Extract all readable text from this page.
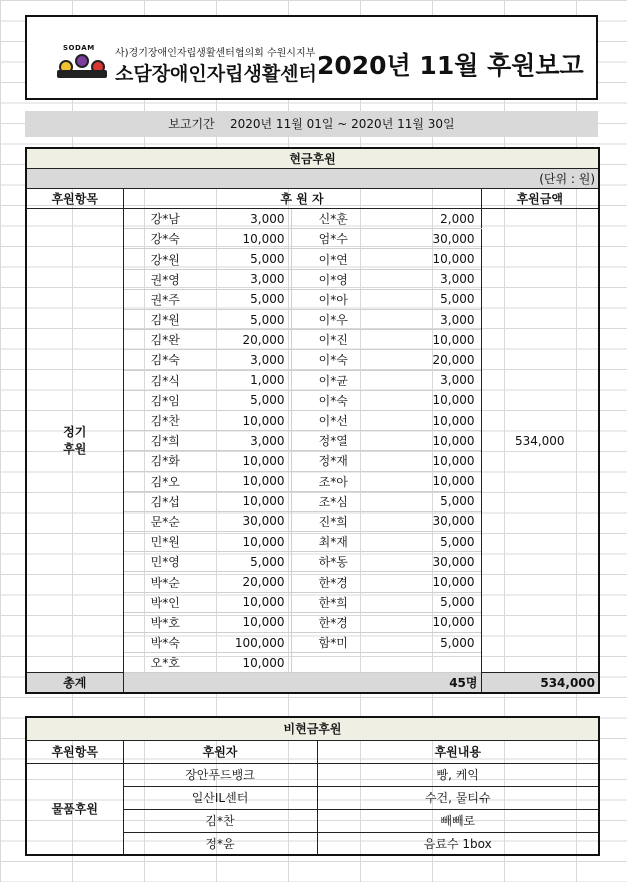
SODAM 사)경기장애인자립생활센터협의회 수원시지부
소담장애인자립생활센터 2020년 11월 후원보고
보고기간    2020년 11월 01일 ~ 2020년 11월 30일
현금후원					
(단위 : 원)					
후원항목	후 원 자				후원금액
정기
후원	강*남	3,000	신*훈	2,000	534,000
	강*숙	10,000	엄*수	30,000	
	강*원	5,000	이*연	10,000	
	권*영	3,000	이*영	3,000	
	권*주	5,000	이*아	5,000	
	김*원	5,000	이*우	3,000	
	김*완	20,000	이*진	10,000	
	김*숙	3,000	이*숙	20,000	
	김*식	1,000	이*균	3,000	
	김*임	5,000	이*숙	10,000	
	김*찬	10,000	이*선	10,000	
	김*희	3,000	정*열	10,000	
	김*화	10,000	정*재	10,000	
	김*오	10,000	조*아	10,000	
	김*섭	10,000	조*심	5,000	
	문*순	30,000	진*희	30,000	
	민*원	10,000	최*재	5,000	
	민*영	5,000	하*동	30,000	
	박*순	20,000	한*경	10,000	
	박*인	10,000	한*희	5,000	
	박*호	10,000	한*경	10,000	
	박*숙	100,000	함*미	5,000	
	오*호	10,000			
총계	45명				534,000
비현금후원		
후원항목	후원자	후원내용
물품후원	장안푸드뱅크	빵, 케익
	일산IL센터	수건, 물티슈
	김*찬	빼빼로
	정*윤	음료수 1box
